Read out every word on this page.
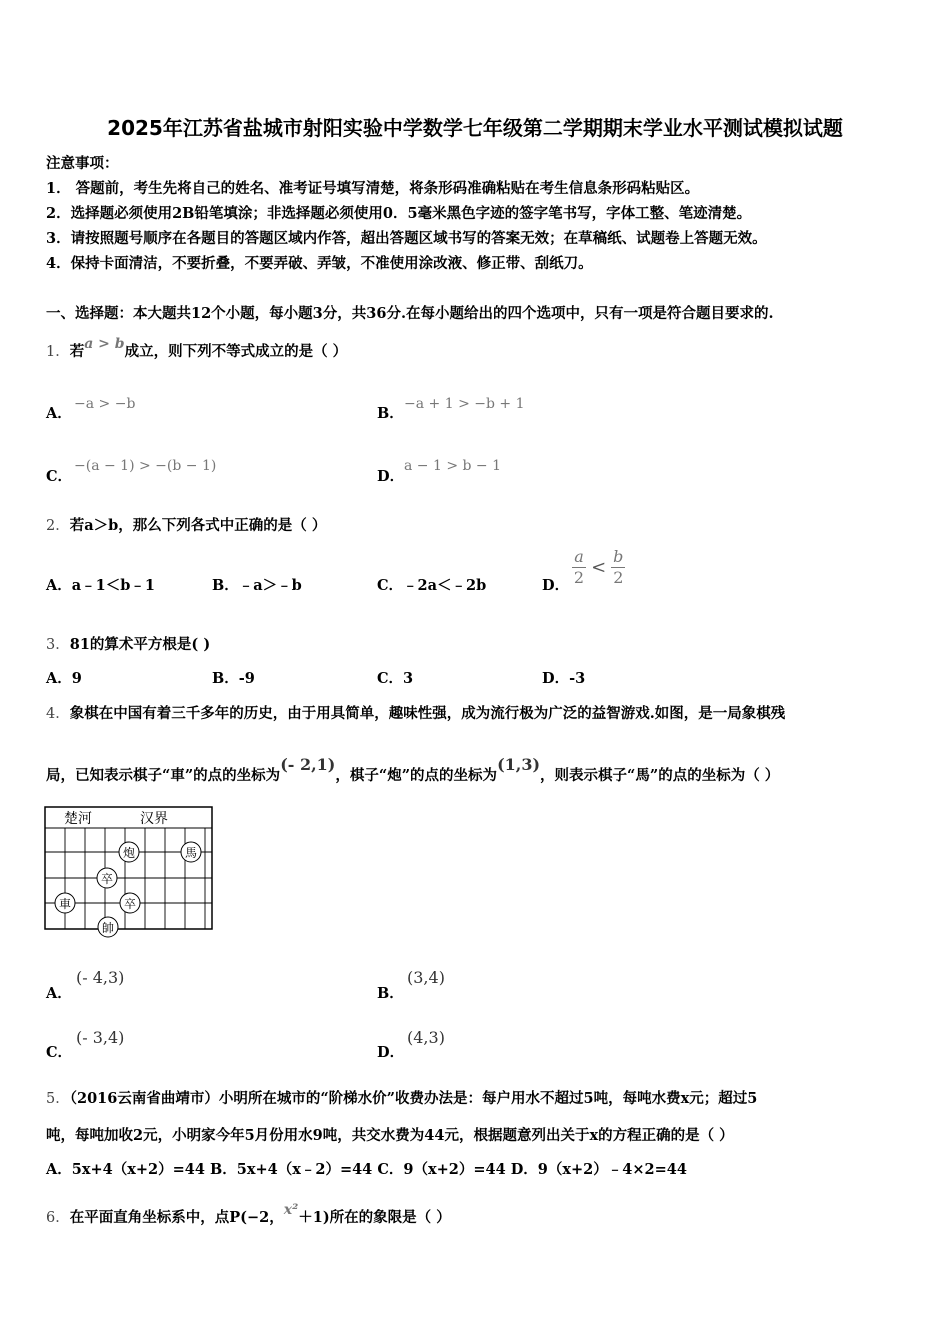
2025年江苏省盐城市射阳实验中学数学七年级第二学期期末学业水平测试模拟试题
注意事项：
1． 答题前，考生先将自己的姓名、准考证号填写清楚，将条形码准确粘贴在考生信息条形码粘贴区。
2．选择题必须使用2B铅笔填涂；非选择题必须使用0．5毫米黑色字迹的签字笔书写，字体工整、笔迹清楚。
3．请按照题号顺序在各题目的答题区域内作答，超出答题区域书写的答案无效；在草稿纸、试题卷上答题无效。
4．保持卡面清洁，不要折叠，不要弄破、弄皱，不准使用涂改液、修正带、刮纸刀。
一、选择题：本大题共12个小题，每小题3分，共36分.在每小题给出的四个选项中，只有一项是符合题目要求的.
1．若a > b成立，则下列不等式成立的是（ ）
A．
−a > −b
B．
−a + 1 > −b + 1
C．
−(a − 1) > −(b − 1)
D．
a − 1 > b − 1
2．若a＞b，那么下列各式中正确的是（ ）
A．a﹣1＜b﹣1	B．﹣a＞﹣b	C．﹣2a＜﹣2b	D． $\frac{a}{2} < \frac{b}{2}$
3．81的算术平方根是( )
A．9	B．-9	C．3	D．-3
4．象棋在中国有着三千多年的历史，由于用具简单，趣味性强，成为流行极为广泛的益智游戏.如图，是一局象棋残
局，已知表示棋子“車”的点的坐标为(- 2,1)，棋子“炮”的点的坐标为(1,3)，则表示棋子“馬”的点的坐标为（ ）
楚河	汉界
炮	馬
卒
車	卒
帥
A．
(- 4,3)
B．
(3,4)
C．
(- 3,4)
D．
(4,3)
5．（2016云南省曲靖市）小明所在城市的“阶梯水价”收费办法是：每户用水不超过5吨，每吨水费x元；超过5
吨，每吨加收2元，小明家今年5月份用水9吨，共交水费为44元，根据题意列出关于x的方程正确的是（ ）
A．5x+4（x+2）=44 B．5x+4（x﹣2）=44 C．9（x+2）=44 D．9（x+2）﹣4×2=44
6．在平面直角坐标系中，点P(−2，x²＋1)所在的象限是（ ）
